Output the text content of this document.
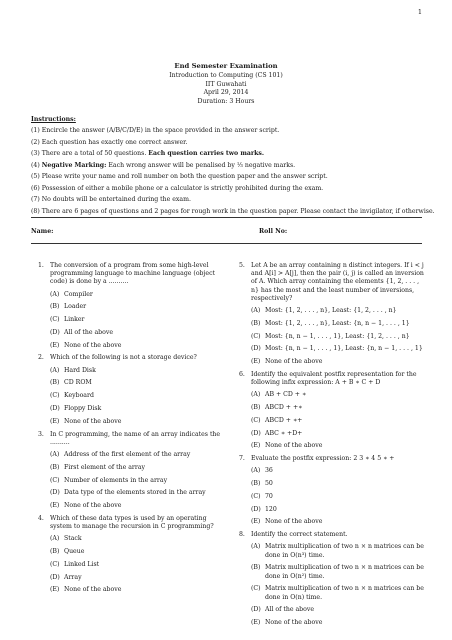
1
End Semester Examination
Introduction to Computing (CS 101)
IIT Guwahati
April 29, 2014
Duration: 3 Hours
Instructions:
(1) Encircle the answer (A/B/C/D/E) in the space provided in the answer script.
(2) Each question has exactly one correct answer.
(3) There are a total of 50 questions. Each question carries two marks.
(4) Negative Marking: Each wrong answer will be penalised by ⅓ negative marks.
(5) Please write your name and roll number on both the question paper and the answer script.
(6) Possession of either a mobile phone or a calculator is strictly prohibited during the exam.
(7) No doubts will be entertained during the exam.
(8) There are 6 pages of questions and 2 pages for rough work in the question paper. Please contact the invigilator, if otherwise.
Name:	Roll No:
1. The conversion of a program from some high-level programming language to machine language (object code) is done by a ..........
(A) Compiler
(B) Loader
(C) Linker
(D) All of the above
(E) None of the above
2. Which of the following is not a storage device?
(A) Hard Disk
(B) CD ROM
(C) Keyboard
(D) Floppy Disk
(E) None of the above
3. In C programming, the name of an array indicates the ..........
(A) Address of the first element of the array
(B) First element of the array
(C) Number of elements in the array
(D) Data type of the elements stored in the array
(E) None of the above
4. Which of these data types is used by an operating system to manage the recursion in C programming?
(A) Stack
(B) Queue
(C) Linked List
(D) Array
(E) None of the above
5. Let A be an array containing n distinct integers. If i < j and A[i] > A[j], then the pair (i, j) is called an inversion of A. Which array containing the elements {1, 2, . . . , n} has the most and the least number of inversions, respectively?
(A) Most: {1, 2, . . . , n}, Least: {1, 2, . . . , n}
(B) Most: {1, 2, . . . , n}, Least: {n, n − 1, . . . , 1}
(C) Most: {n, n − 1, . . . , 1}, Least: {1, 2, . . . , n}
(D) Most: {n, n − 1, . . . , 1}, Least: {n, n − 1, . . . , 1}
(E) None of the above
6. Identify the equivalent postfix representation for the following infix expression: A + B ∗ C + D
(A) AB + CD + ∗
(B) ABCD + +∗
(C) ABCD + ∗+
(D) ABC ∗ +D+
(E) None of the above
7. Evaluate the postfix expression: 2 3 ∗ 4 5 ∗ +
(A) 36
(B) 50
(C) 70
(D) 120
(E) None of the above
8. Identify the correct statement.
(A) Matrix multiplication of two n × n matrices can be done in O(n³) time.
(B) Matrix multiplication of two n × n matrices can be done in O(n²) time.
(C) Matrix multiplication of two n × n matrices can be done in O(n) time.
(D) All of the above
(E) None of the above
